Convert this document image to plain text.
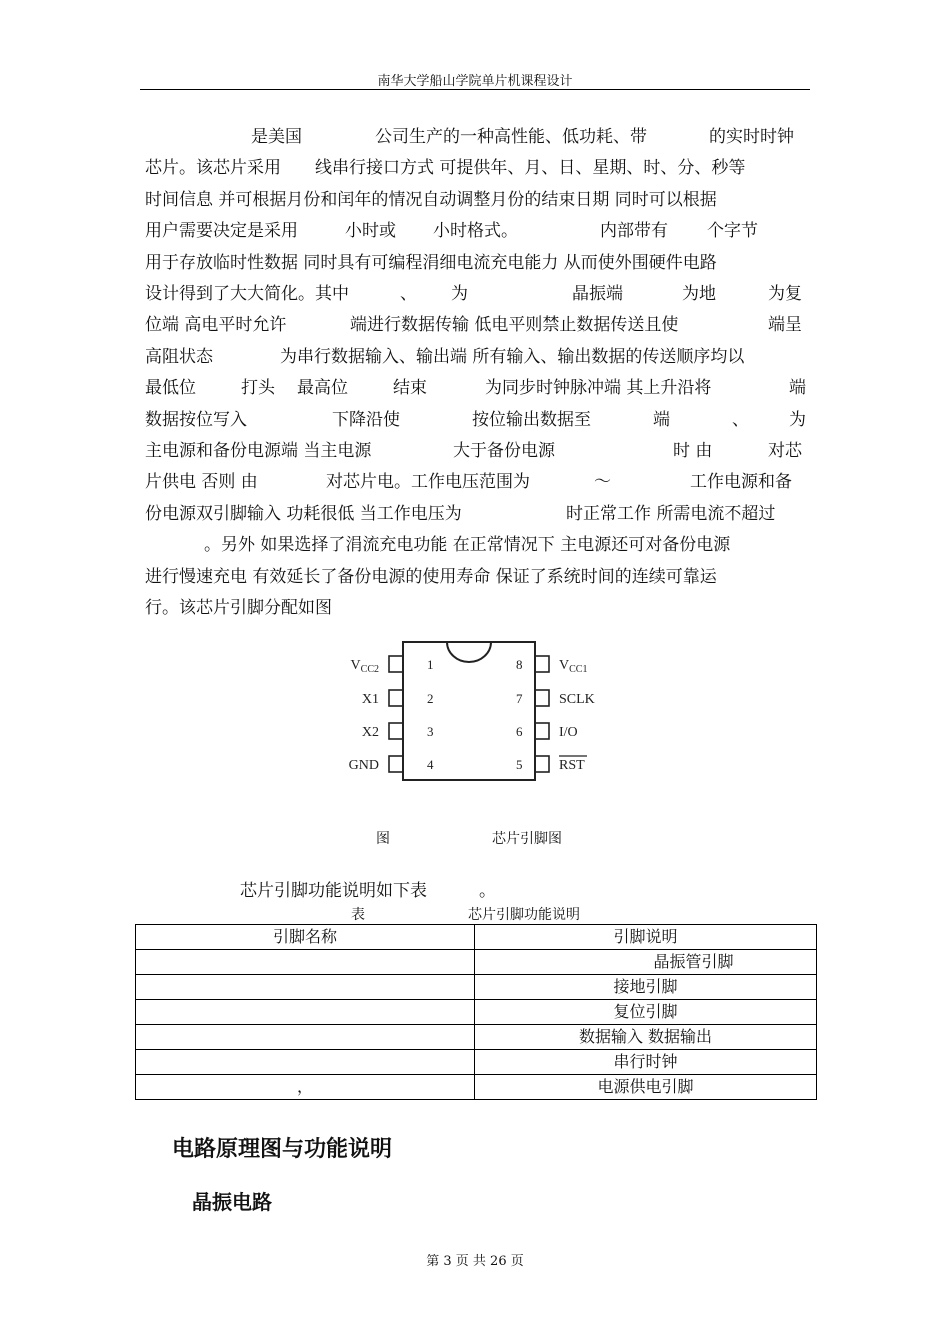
南华大学船山学院单片机课程设计
是美国	公司生产的一种高性能、低功耗、带	的实时时钟
芯片。该芯片采用 线串行接口方式 可提供年、月、日、星期、时、分、秒等
时间信息 并可根据月份和闰年的情况自动调整月份的结束日期 同时可以根据
用户需要决定是采用	小时或 小时格式。	内部带有 个字节
用于存放临时性数据 同时具有可编程涓细电流充电能力 从而使外围硬件电路
设计得到了大大简化。其中	、 为	晶振端	为地	为复
位端 高电平时允许	端进行数据传输 低电平则禁止数据传送且使	端呈
高阻状态	为串行数据输入、输出端 所有输入、输出数据的传送顺序均以
最低位	打头 最高位	结束	为同步时钟脉冲端 其上升沿将	端
数据按位写入	下降沿使	按位输出数据至	端	、 为
主电源和备份电源端 当主电源	大于备份电源	时 由	对芯
片供电 否则 由	对芯片电。工作电压范围为	～	工作电源和备
份电源双引脚输入 功耗很低 当工作电压为	时正常工作 所需电流不超过
。另外 如果选择了涓流充电功能 在正常情况下 主电源还可对备份电源
进行慢速充电 有效延长了备份电源的使用寿命 保证了系统时间的连续可靠运
行。该芯片引脚分配如图
1
$V_{CC2}$
2
X1
3
X2
4
GND
8	$V_{CC1}$
7	SCLK
6	I/O
5	RST
图	芯片引脚图
芯片引脚功能说明如下表	。
表	芯片引脚功能说明
引脚名称	引脚说明
	晶振管引脚
	接地引脚
	复位引脚
	数据输入 数据输出
	串行时钟
，	电源供电引脚
电路原理图与功能说明
晶振电路
第 3 页 共 26 页
